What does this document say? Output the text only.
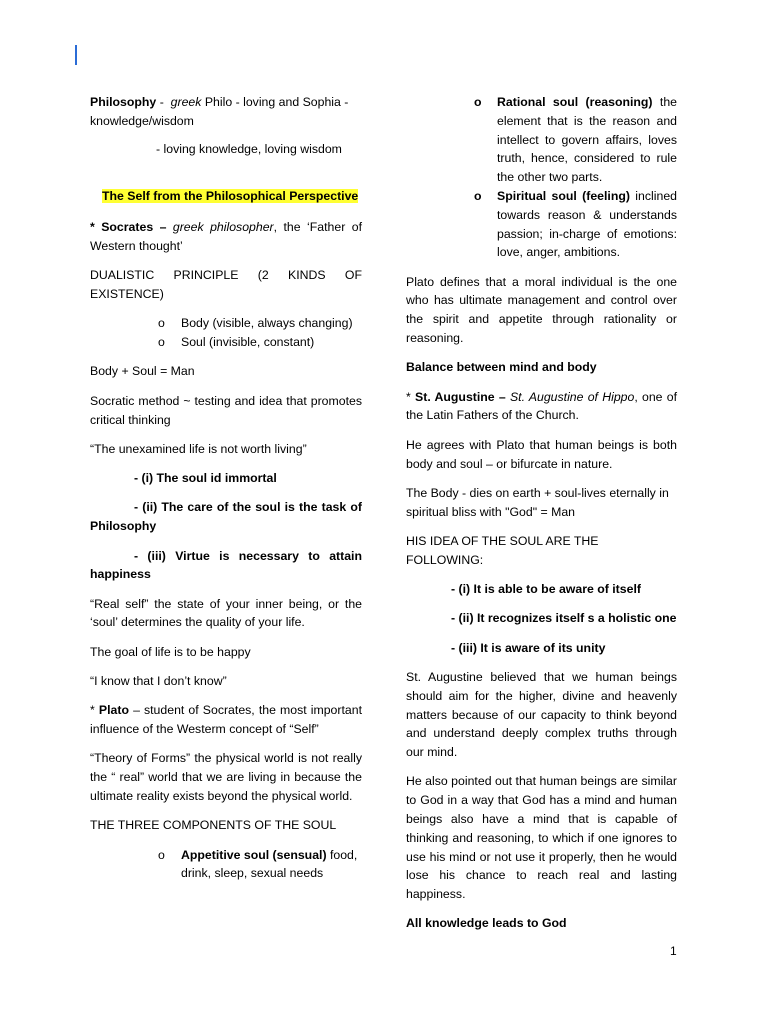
Philosophy -  greek Philo - loving and Sophia - knowledge/wisdom

- loving knowledge, loving wisdom

The Self from the Philosophical Perspective

* Socrates – greek philosopher, the ‘Father of Western thought’

DUALISTIC PRINCIPLE (2 KINDS OF EXISTENCE)

o	Body (visible, always changing)
o	Soul (invisible, constant)

Body + Soul = Man

Socratic method ~ testing and idea that promotes critical thinking

“The unexamined life is not worth living”

- (i) The soul id immortal

- (ii) The care of the soul is the task of Philosophy

- (iii) Virtue is necessary to attain happiness

“Real self” the state of your inner being, or the ‘soul’ determines the quality of your life.

The goal of life is to be happy

“I know that I don’t know”

* Plato – student of Socrates, the most important influence of the Westerm concept of “Self”

“Theory of Forms” the physical world is not really the “ real” world that we are living in because the ultimate reality exists beyond the physical world.

THE THREE COMPONENTS OF THE SOUL

o	Appetitive soul (sensual) food, drink, sleep, sexual needs
o	Rational soul (reasoning) the element that is the reason and intellect to govern affairs, loves truth, hence, considered to rule the other two parts.
o	Spiritual soul (feeling) inclined towards reason & understands passion; in-charge of emotions: love, anger, ambitions.

Plato defines that a moral individual is the one who has ultimate management and control over the spirit and appetite through rationality or reasoning.

Balance between mind and body

* St. Augustine – St. Augustine of Hippo, one of the Latin Fathers of the Church.

He agrees with Plato that human beings is both body and soul – or bifurcate in nature.

The Body - dies on earth + soul-lives eternally in spiritual bliss with "God" = Man

HIS IDEA OF THE SOUL ARE THE FOLLOWING:

- (i) It is able to be aware of itself

- (ii) It recognizes itself s a holistic one

- (iii) It is aware of its unity

St. Augustine believed that we human beings should aim for the higher, divine and heavenly matters because of our capacity to think beyond and understand deeply complex truths through our mind.

He also pointed out that human beings are similar to God in a way that God has a mind and human beings also have a mind that is capable of thinking and reasoning, to which if one ignores to use his mind or not use it properly, then he would lose his chance to reach real and lasting happiness.

All knowledge leads to God

1
